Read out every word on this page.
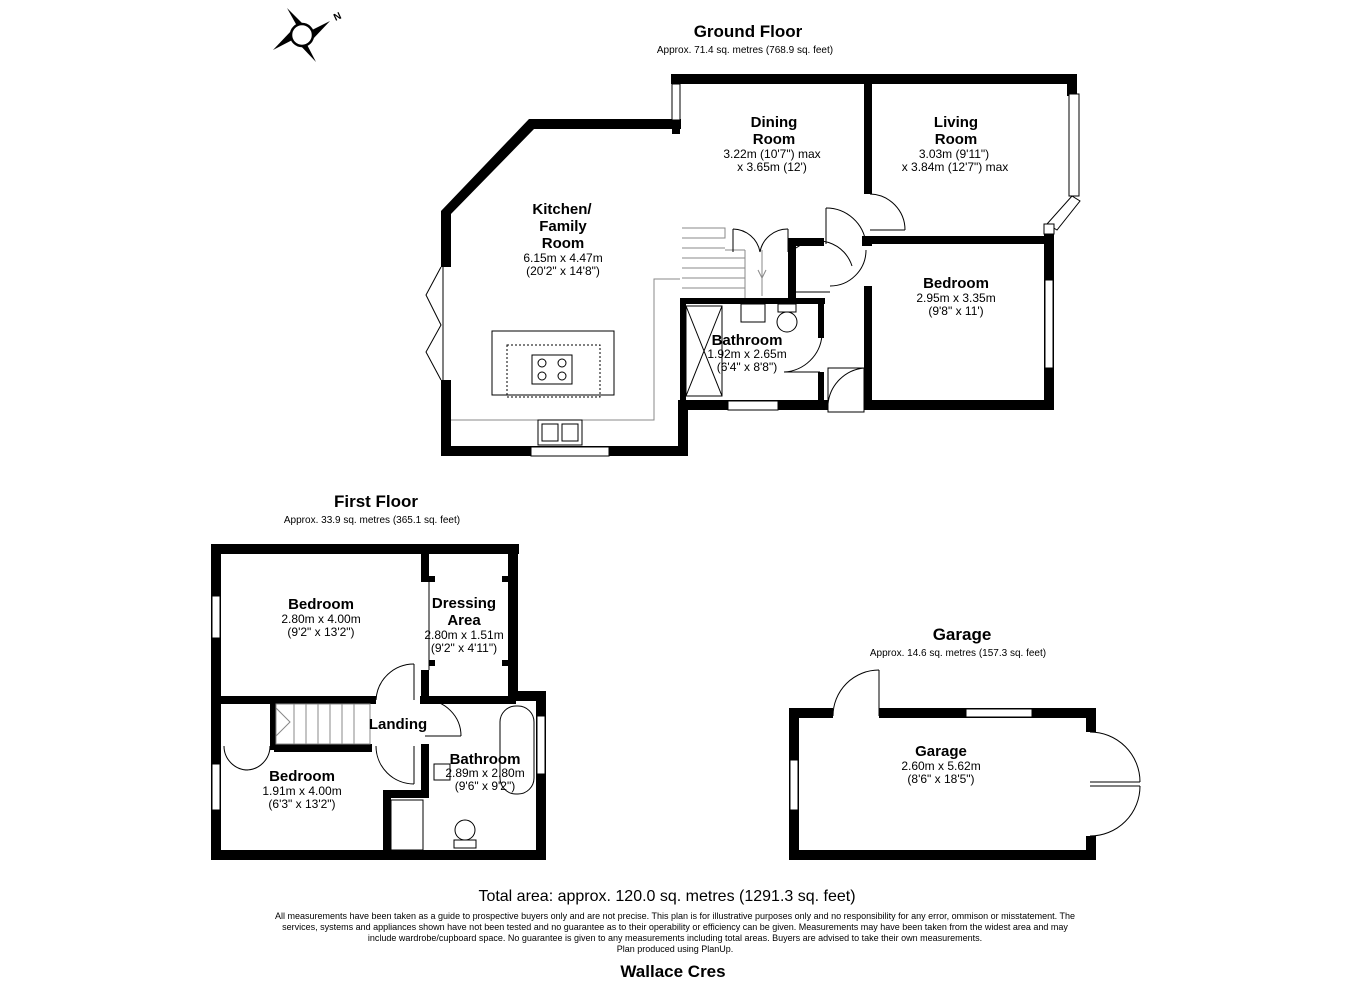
N
Ground Floor
Approx. 71.4 sq. metres (768.9 sq. feet)
Dining
Room
3.22m (10'7") max
x 3.65m (12')
Living
Room
3.03m (9'11")
x 3.84m (12'7") max
Kitchen/
Family
Room
6.15m x 4.47m
(20'2" x 14'8")
Bedroom
2.95m x 3.35m
(9'8" x 11')
Bathroom
1.92m x 2.65m
(6'4" x 8'8")
First Floor
Approx. 33.9 sq. metres (365.1 sq. feet)
Bedroom
2.80m x 4.00m
(9'2" x 13'2")
Dressing
Area
2.80m x 1.51m
(9'2" x 4'11")
Landing
Bathroom
2.89m x 2.80m
(9'6" x 9'2")
Bedroom
1.91m x 4.00m
(6'3" x 13'2")
Garage
Approx. 14.6 sq. metres (157.3 sq. feet)
Garage
2.60m x 5.62m
(8'6" x 18'5")
Total area: approx. 120.0 sq. metres (1291.3 sq. feet)
All measurements have been taken as a guide to prospective buyers only and are not precise. This plan is for illustrative purposes only and no responsibility for any error, ommison or misstatement. The
services, systems and appliances shown have not been tested and no guarantee as to their operability or efficiency can be given. Measurements may have been taken from the widest area and may
include wardrobe/cupboard space. No guarantee is given to any measurements including total areas. Buyers are advised to take their own measurements.
Plan produced using PlanUp.
Wallace Cres
